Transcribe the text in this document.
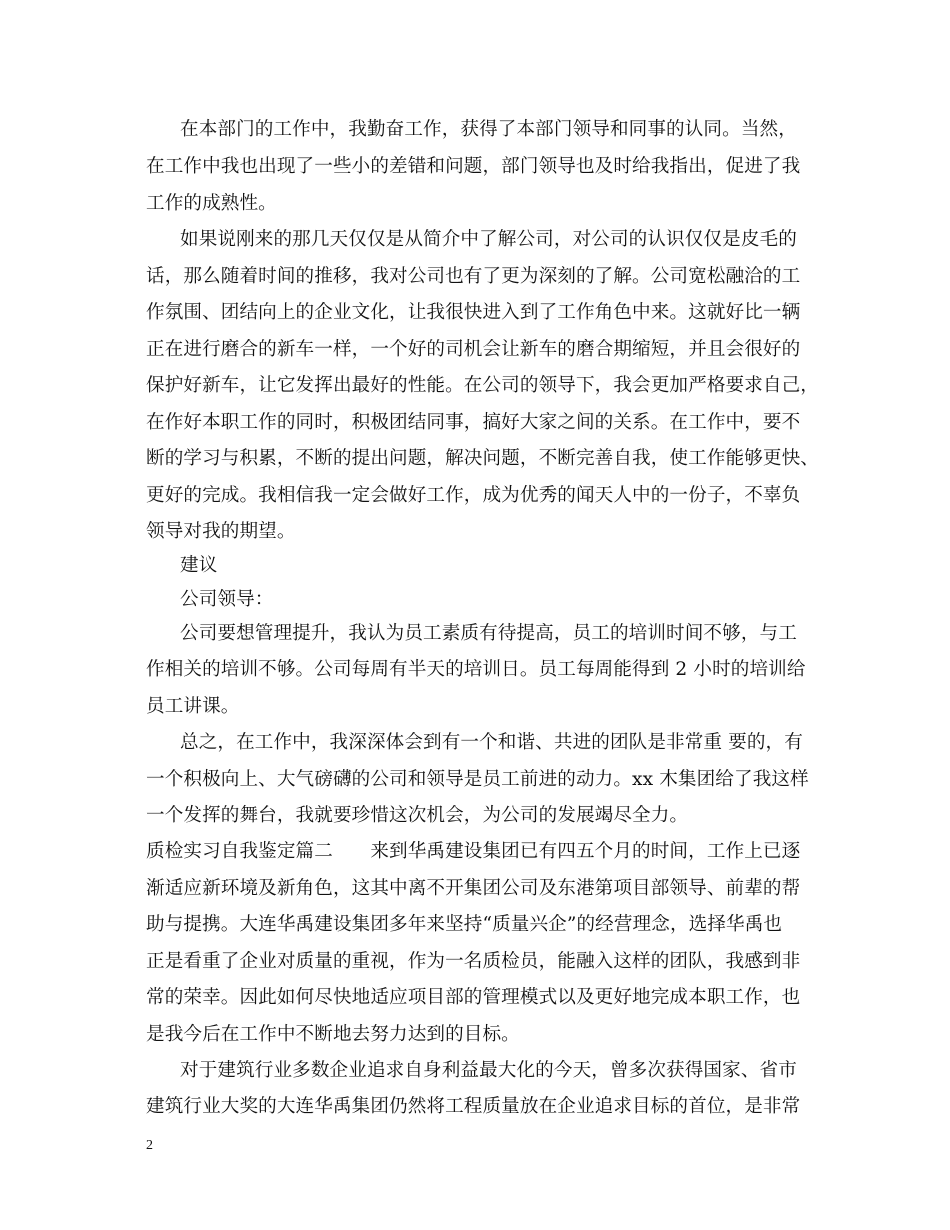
在本部门的工作中，我勤奋工作，获得了本部门领导和同事的认同。当然，
在工作中我也出现了一些小的差错和问题，部门领导也及时给我指出，促进了我
工作的成熟性。
如果说刚来的那几天仅仅是从简介中了解公司，对公司的认识仅仅是皮毛的
话，那么随着时间的推移，我对公司也有了更为深刻的了解。公司宽松融洽的工
作氛围、团结向上的企业文化，让我很快进入到了工作角色中来。这就好比一辆
正在进行磨合的新车一样，一个好的司机会让新车的磨合期缩短，并且会很好的
保护好新车，让它发挥出最好的性能。在公司的领导下，我会更加严格要求自己，
在作好本职工作的同时，积极团结同事，搞好大家之间的关系。在工作中，要不
断的学习与积累，不断的提出问题，解决问题，不断完善自我，使工作能够更快、
更好的完成。我相信我一定会做好工作，成为优秀的闻天人中的一份子，不辜负
领导对我的期望。
建议
公司领导：
公司要想管理提升，我认为员工素质有待提高，员工的培训时间不够，与工
作相关的培训不够。公司每周有半天的培训日。员工每周能得到 2 小时的培训给
员工讲课。
总之，在工作中，我深深体会到有一个和谐、共进的团队是非常重 要的，有
一个积极向上、大气磅礴的公司和领导是员工前进的动力。xx 木集团给了我这样
一个发挥的舞台，我就要珍惜这次机会，为公司的发展竭尽全力。
质检实习自我鉴定篇二　　来到华禹建设集团已有四五个月的时间，工作上已逐
渐适应新环境及新角色，这其中离不开集团公司及东港第项目部领导、前辈的帮
助与提携。大连华禹建设集团多年来坚持“质量兴企”的经营理念，选择华禹也
正是看重了企业对质量的重视，作为一名质检员，能融入这样的团队，我感到非
常的荣幸。因此如何尽快地适应项目部的管理模式以及更好地完成本职工作，也
是我今后在工作中不断地去努力达到的目标。
对于建筑行业多数企业追求自身利益最大化的今天，曾多次获得国家、省市
建筑行业大奖的大连华禹集团仍然将工程质量放在企业追求目标的首位，是非常
2
